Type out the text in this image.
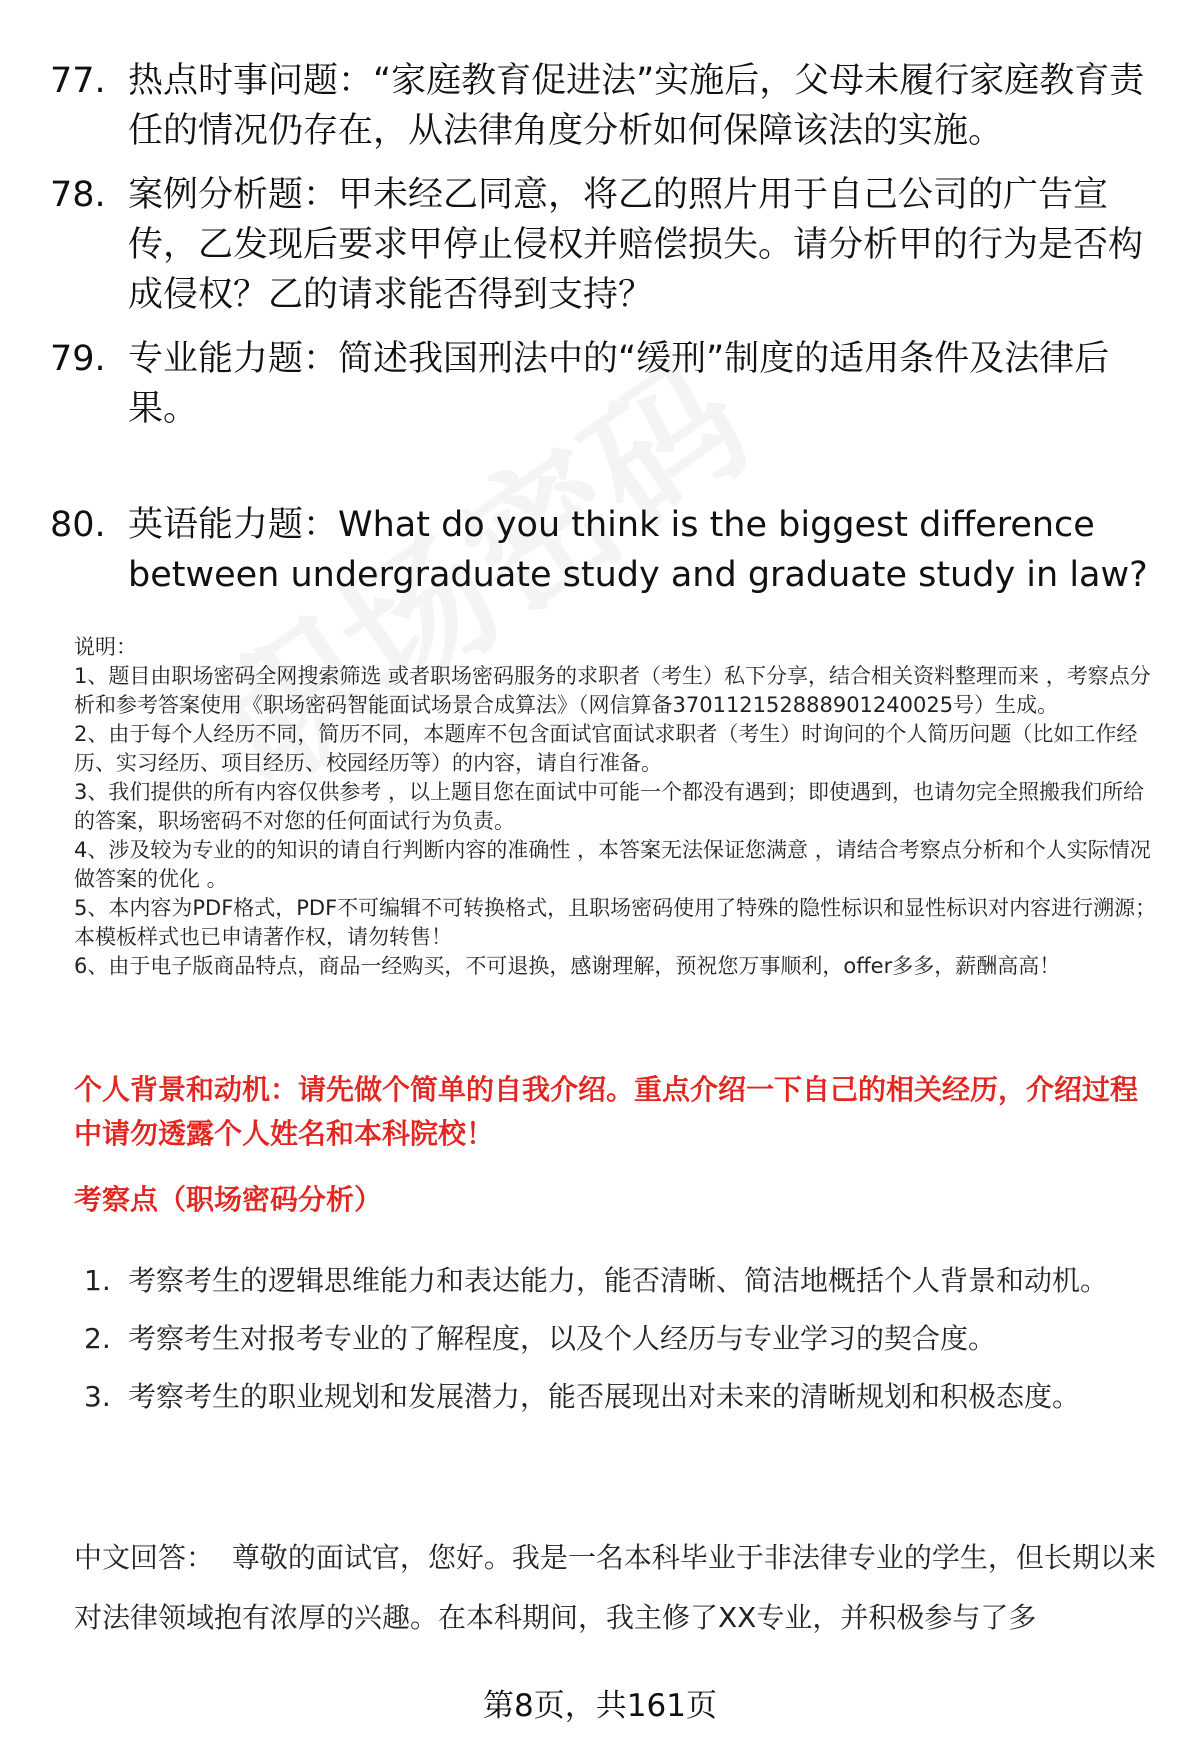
77. 热点时事问题：“家庭教育促进法”实施后，父母未履行家庭教育责任的情况仍存在，从法律角度分析如何保障该法的实施。
78. 案例分析题：甲未经乙同意，将乙的照片用于自己公司的广告宣传，乙发现后要求甲停止侵权并赔偿损失。请分析甲的行为是否构成侵权？乙的请求能否得到支持？
79. 专业能力题：简述我国刑法中的“缓刑”制度的适用条件及法律后果。
80. 英语能力题：What do you think is the biggest difference between undergraduate study and graduate study in law?

说明：

1、题目由职场密码全网搜索筛选 或者职场密码服务的求职者（考生）私下分享，结合相关资料整理而来 ，考察点分析和参考答案使用《职场密码智能面试场景合成算法》（网信算备370112152888901240025号）生成。

2、由于每个人经历不同，简历不同，本题库不包含面试官面试求职者（考生）时询问的个人简历问题（比如工作经历、实习经历、项目经历、校园经历等）的内容，请自行准备。

3、我们提供的所有内容仅供参考 ，以上题目您在面试中可能一个都没有遇到；即使遇到，也请勿完全照搬我们所给的答案，职场密码不对您的任何面试行为负责。

4、涉及较为专业的的知识的请自行判断内容的准确性 ，本答案无法保证您满意 ，请结合考察点分析和个人实际情况做答案的优化 。

5、本内容为PDF格式，PDF不可编辑不可转换格式，且职场密码使用了特殊的隐性标识和显性标识对内容进行溯源；本模板样式也已申请著作权，请勿转售！

6、由于电子版商品特点，商品一经购买，不可退换，感谢理解，预祝您万事顺利，offer多多，薪酬高高！

个人背景和动机：请先做个简单的自我介绍。重点介绍一下自己的相关经历，介绍过程中请勿透露个人姓名和本科院校！
考察点（职场密码分析）
1. 考察考生的逻辑思维能力和表达能力，能否清晰、简洁地概括个人背景和动机。
2. 考察考生对报考专业的了解程度，以及个人经历与专业学习的契合度。
3. 考察考生的职业规划和发展潜力，能否展现出对未来的清晰规划和积极态度。
中文回答： 尊敬的面试官，您好。我是一名本科毕业于非法律专业的学生，但长期以来对法律领域抱有浓厚的兴趣。在本科期间，我主修了XX专业，并积极参与了多
第8页，共161页
